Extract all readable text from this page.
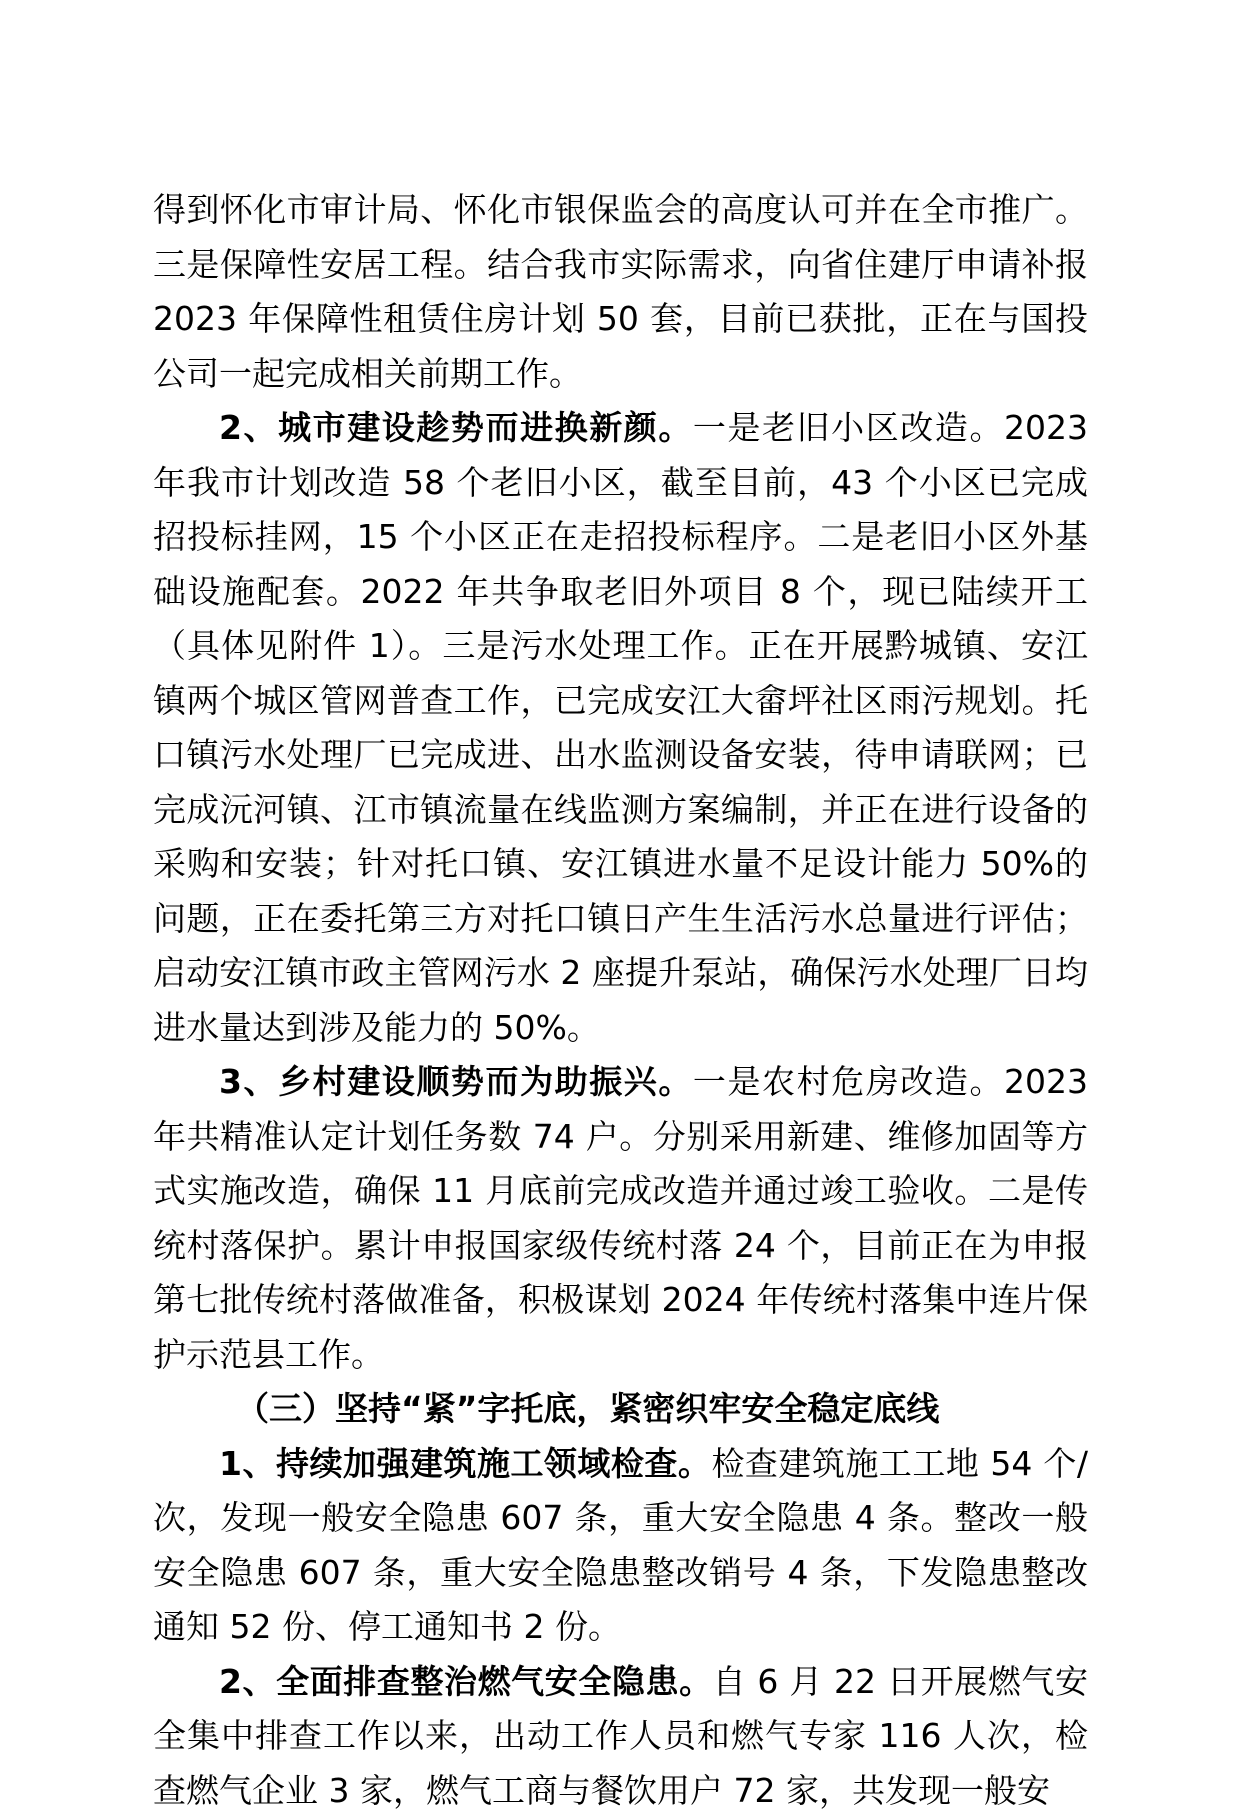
得到怀化市审计局、怀化市银保监会的高度认可并在全市推广。三是保障性安居工程。结合我市实际需求，向省住建厅申请补报 2023 年保障性租赁住房计划 50 套，目前已获批，正在与国投公司一起完成相关前期工作。

2、城市建设趁势而进换新颜。一是老旧小区改造。2023 年我市计划改造 58 个老旧小区，截至目前，43 个小区已完成招投标挂网，15 个小区正在走招投标程序。二是老旧小区外基础设施配套。2022 年共争取老旧外项目 8 个，现已陆续开工（具体见附件 1）。三是污水处理工作。正在开展黔城镇、安江镇两个城区管网普查工作，已完成安江大畲坪社区雨污规划。托口镇污水处理厂已完成进、出水监测设备安装，待申请联网；已完成沅河镇、江市镇流量在线监测方案编制，并正在进行设备的采购和安装；针对托口镇、安江镇进水量不足设计能力 50%的问题，正在委托第三方对托口镇日产生生活污水总量进行评估；启动安江镇市政主管网污水 2 座提升泵站，确保污水处理厂日均进水量达到涉及能力的 50%。

3、乡村建设顺势而为助振兴。一是农村危房改造。2023 年共精准认定计划任务数 74 户。分别采用新建、维修加固等方式实施改造，确保 11 月底前完成改造并通过竣工验收。二是传统村落保护。累计申报国家级传统村落 24 个，目前正在为申报第七批传统村落做准备，积极谋划 2024 年传统村落集中连片保护示范县工作。

（三）坚持“紧”字托底，紧密织牢安全稳定底线

1、持续加强建筑施工领域检查。检查建筑施工工地 54 个/次，发现一般安全隐患 607 条，重大安全隐患 4 条。整改一般安全隐患 607 条，重大安全隐患整改销号 4 条，下发隐患整改通知 52 份、停工通知书 2 份。

2、全面排查整治燃气安全隐患。自 6 月 22 日开展燃气安全集中排查工作以来，出动工作人员和燃气专家 116 人次，检查燃气企业 3 家，燃气工商与餐饮用户 72 家，共发现一般安
